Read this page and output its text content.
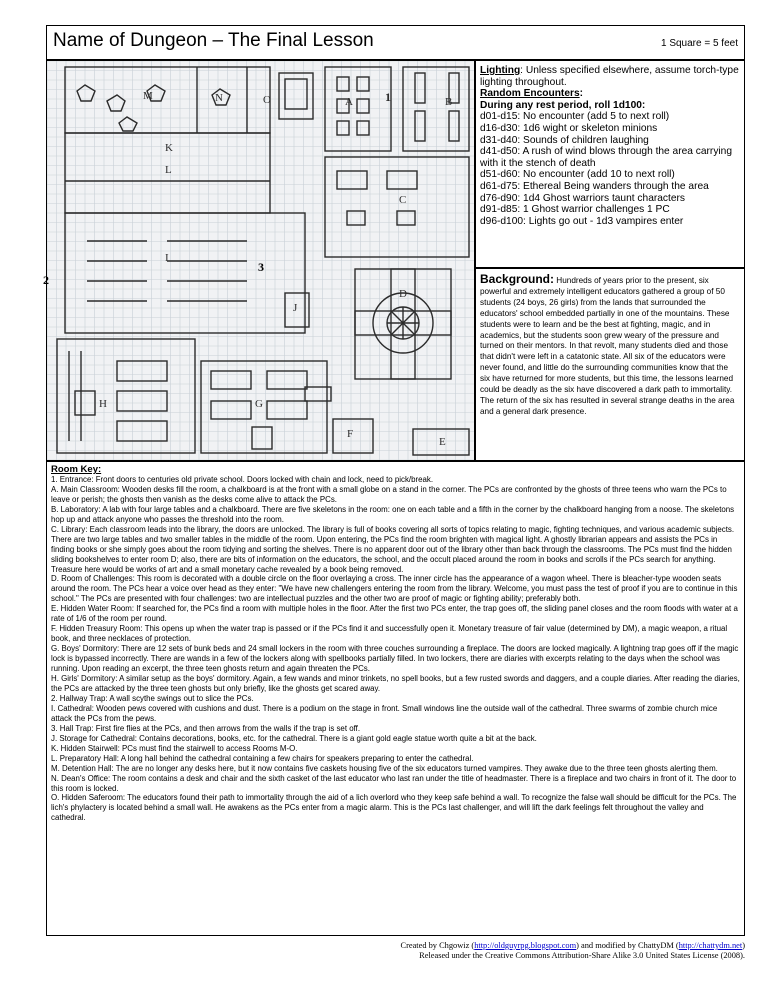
Name of Dungeon – The Final Lesson	1 Square = 5 feet
M	N	O	A	1	B
K
L
C
I
D
E
H	G
F
J
Lighting: Unless specified elsewhere, assume torch-type lighting throughout.
Random Encounters:
During any rest period, roll 1d100:
d01-d15: No encounter (add 5 to next roll)
d16-d30: 1d6 wight or skeleton minions
d31-d40: Sounds of children laughing
d41-d50: A rush of wind blows through the area carrying with it the stench of death
d51-d60: No encounter (add 10 to next roll)
d61-d75: Ethereal Being wanders through the area
d76-d90: 1d4 Ghost warriors taunt characters
d91-d85: 1 Ghost warrior challenges 1 PC
d96-d100: Lights go out - 1d3 vampires enter
Background: Hundreds of years prior to the present, six powerful and extremely intelligent educators gathered a group of 50 students (24 boys, 26 girls) from the lands that surrounded the educators' school embedded partially in one of the mountains. These students were to learn and be the best at fighting, magic, and in academics, but the students soon grew weary of the pressure and turned on their mentors. In that revolt, many students died and those that didn't were left in a catatonic state. All six of the educators were never found, and little do the surrounding communities know that the six have returned for more students, but this time, the lessons learned could be deadly as the six have discovered a dark path to immortality. The return of the six has resulted in several strange deaths in the area and a general dark presence.
Room Key:

1. Entrance: Front doors to centuries old private school. Doors locked with chain and lock, need to pick/break.

A. Main Classroom: Wooden desks fill the room, a chalkboard is at the front with a small globe on a stand in the corner. The PCs are confronted by the ghosts of three teens who warn the PCs to leave or perish; the ghosts then vanish as the desks come alive to attack the PCs.

B. Laboratory: A lab with four large tables and a chalkboard. There are five skeletons in the room: one on each table and a fifth in the corner by the chalkboard hanging from a noose. The skeletons hop up and attack anyone who passes the threshold into the room.

C. Library: Each classroom leads into the library, the doors are unlocked. The library is full of books covering all sorts of topics relating to magic, fighting techniques, and various academic subjects. There are two large tables and two smaller tables in the middle of the room. Upon entering, the PCs find the room brighten with magical light. A ghostly librarian appears and assists the PCs in finding books or she simply goes about the room tidying and sorting the shelves. There is no apparent door out of the library other than back through the classrooms. The PCs must find the hidden sliding bookshelves to enter room D; also, there are bits of information on the educators, the school, and the occult placed around the room in books and scrolls if the PCs search for anything. Treasure here would be works of art and a small monetary cache revealed by a book being removed.

D. Room of Challenges: This room is decorated with a double circle on the floor overlaying a cross. The inner circle has the appearance of a wagon wheel. There is bleacher-type wooden seats around the room. The PCs hear a voice over head as they enter: "We have new challengers entering the room from the library. Welcome, you must pass the test of proof if you are to continue in this school." The PCs are presented with four challenges: two are intellectual puzzles and the other two are proof of magic or fighting ability; preferably both.

E. Hidden Water Room: If searched for, the PCs find a room with multiple holes in the floor. After the first two PCs enter, the trap goes off, the sliding panel closes and the room floods with water at a rate of 1/6 of the room per round.

F. Hidden Treasury Room: This opens up when the water trap is passed or if the PCs find it and successfully open it. Monetary treasure of fair value (determined by DM), a magic weapon, a ritual book, and three necklaces of protection.

G. Boys' Dormitory: There are 12 sets of bunk beds and 24 small lockers in the room with three couches surrounding a fireplace. The doors are locked magically. A lightning trap goes off if the magic lock is bypassed incorrectly. There are wands in a few of the lockers along with spellbooks partially filled. In two lockers, there are diaries with excerpts relating to the days when the school was running. Upon reading an excerpt, the three teen ghosts return and again threaten the PCs.

H. Girls' Dormitory: A similar setup as the boys' dormitory. Again, a few wands and minor trinkets, no spell books, but a few rusted swords and daggers, and a couple diaries. After reading the diaries, the PCs are attacked by the three teen ghosts but only briefly, like the ghosts get scared away.

2. Hallway Trap: A wall scythe swings out to slice the PCs.

I. Cathedral: Wooden pews covered with cushions and dust. There is a podium on the stage in front. Small windows line the outside wall of the cathedral. Three swarms of zombie church mice attack the PCs from the pews.

3. Hall Trap: First fire flies at the PCs, and then arrows from the walls if the trap is set off.

J. Storage for Cathedral: Contains decorations, books, etc. for the cathedral. There is a giant gold eagle statue worth quite a bit at the back.

K. Hidden Stairwell: PCs must find the stairwell to access Rooms M-O.

L. Preparatory Hall: A long hall behind the cathedral containing a few chairs for speakers preparing to enter the cathedral.

M. Detention Hall: The are no longer any desks here, but it now contains five caskets housing five of the six educators turned vampires. They awake due to the three teen ghosts alerting them.

N. Dean's Office: The room contains a desk and chair and the sixth casket of the last educator who last ran under the title of headmaster. There is a fireplace and two chairs in front of it. The door to this room is locked.

O. Hidden Saferoom: The educators found their path to immortality through the aid of a lich overlord who they keep safe behind a wall. To recognize the false wall should be difficult for the PCs. The lich's phylactery is located behind a small wall. He awakens as the PCs enter from a magic alarm. This is the PCs last challenger, and will lift the dark feelings felt throughout the valley and cathedral.

Created by Chgowiz (http://oldguyrpg.blogspot.com) and modified by ChattyDM (http://chattydm.net)
Released under the Creative Commons Attribution-Share Alike 3.0 United States License (2008).
2
3
